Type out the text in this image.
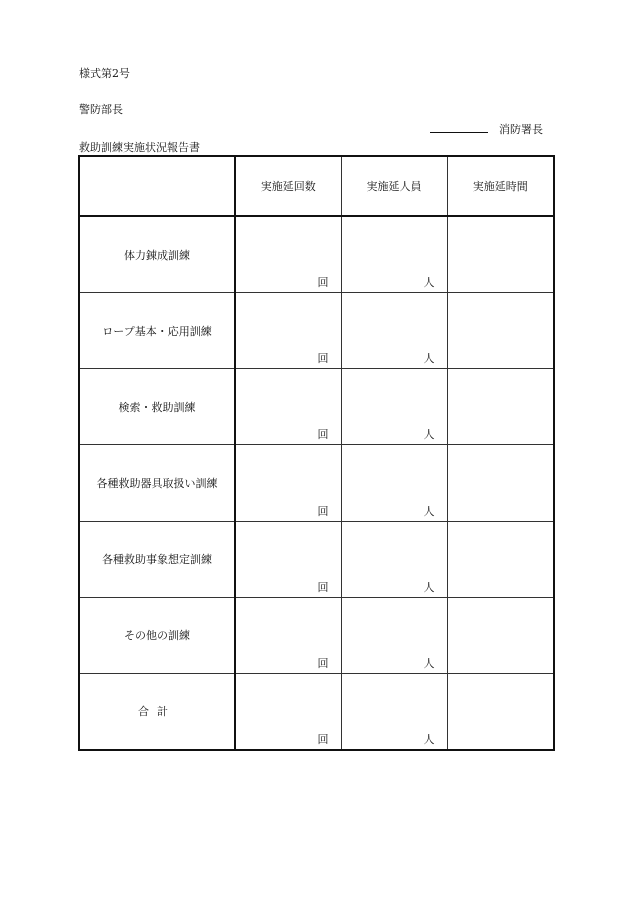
様式第2号
警防部長
消防署長
救助訓練実施状況報告書
	実施延回数	実施延人員	実施延時間
体力錬成訓練	回	人	
ロープ基本・応用訓練	回	人	
検索・救助訓練	回	人	
各種救助器具取扱い訓練	回	人	
各種救助事象想定訓練	回	人	
その他の訓練	回	人	
合計	回	人	
